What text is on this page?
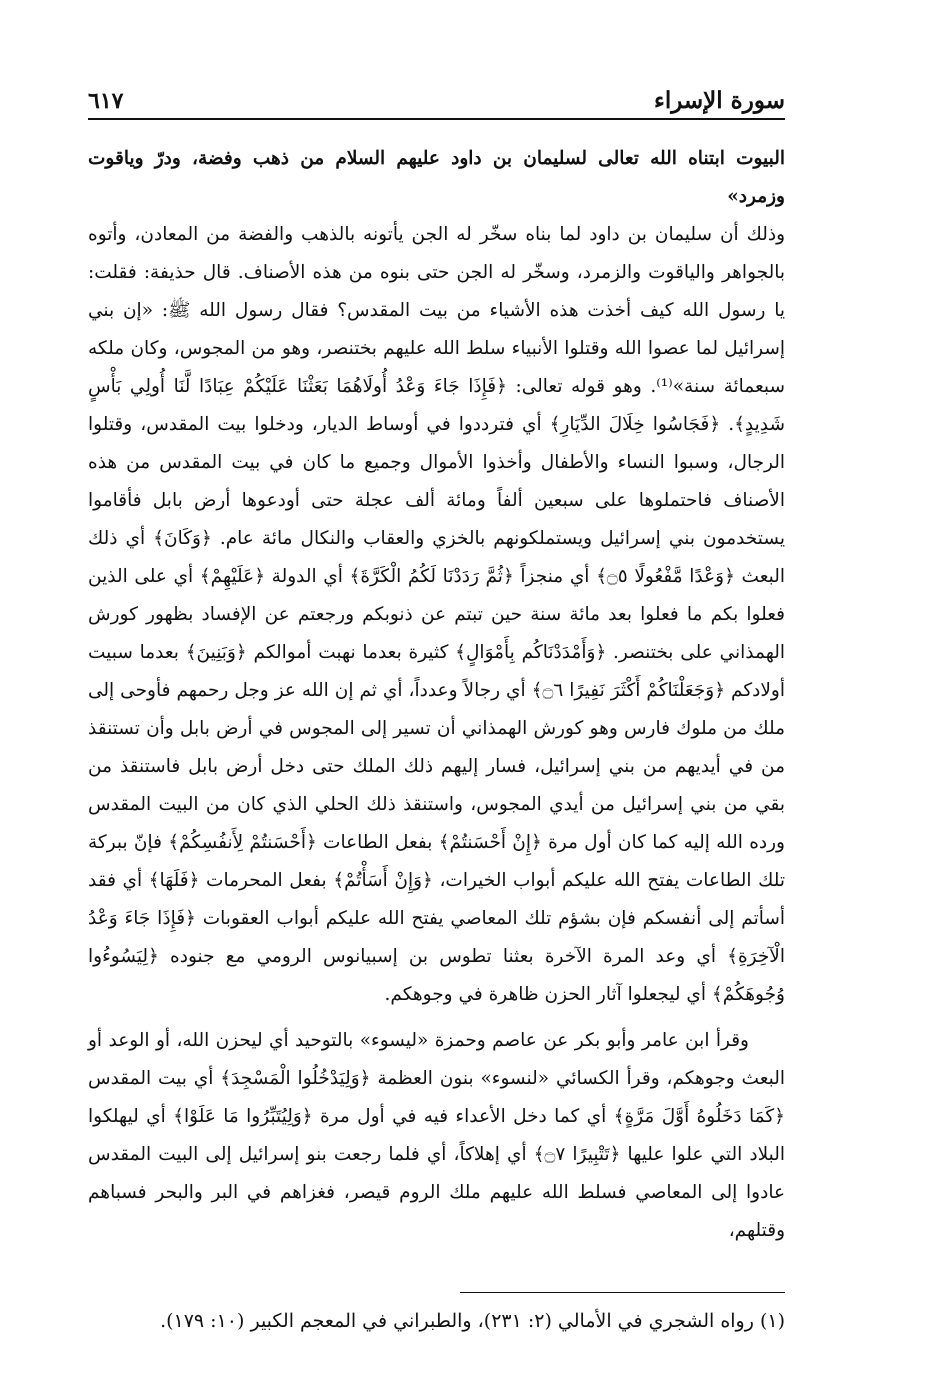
سورة الإسراء
٦١٧

البيوت ابتناه الله تعالى لسليمان بن داود عليهم السلام من ذهب وفضة، ودرّ وياقوت وزمرد»

وذلك أن سليمان بن داود لما بناه سخّر له الجن يأتونه بالذهب والفضة من المعادن، وأتوه بالجواهر والياقوت والزمرد، وسخّر له الجن حتى بنوه من هذه الأصناف. قال حذيفة: فقلت: يا رسول الله كيف أخذت هذه الأشياء من بيت المقدس؟ فقال رسول الله ﷺ: «إن بني إسرائيل لما عصوا الله وقتلوا الأنبياء سلط الله عليهم بختنصر، وهو من المجوس، وكان ملكه سبعمائة سنة»⁽¹⁾. وهو قوله تعالى: ﴿فَإِذَا جَاءَ وَعْدُ أُولَاهُمَا بَعَثْنَا عَلَيْكُمْ عِبَادًا لَّنَا أُولِي بَأْسٍ شَدِيدٍ﴾. ﴿فَجَاسُوا خِلَالَ الدِّيَارِ﴾ أي فترددوا في أوساط الديار، ودخلوا بيت المقدس، وقتلوا الرجال، وسبوا النساء والأطفال وأخذوا الأموال وجميع ما كان في بيت المقدس من هذه الأصناف فاحتملوها على سبعين ألفاً ومائة ألف عجلة حتى أودعوها أرض بابل فأقاموا يستخدمون بني إسرائيل ويستملكونهم بالخزي والعقاب والنكال مائة عام. ﴿وَكَانَ﴾ أي ذلك البعث ﴿وَعْدًا مَّفْعُولًا ۝٥﴾ أي منجزاً ﴿ثُمَّ رَدَدْنَا لَكُمُ الْكَرَّةَ﴾ أي الدولة ﴿عَلَيْهِمْ﴾ أي على الذين فعلوا بكم ما فعلوا بعد مائة سنة حين تبتم عن ذنوبكم ورجعتم عن الإفساد بظهور كورش الهمذاني على بختنصر. ﴿وَأَمْدَدْنَاكُم بِأَمْوَالٍ﴾ كثيرة بعدما نهبت أموالكم ﴿وَبَنِينَ﴾ بعدما سبيت أولادكم ﴿وَجَعَلْنَاكُمْ أَكْثَرَ نَفِيرًا ۝٦﴾ أي رجالاً وعدداً، أي ثم إن الله عز وجل رحمهم فأوحى إلى ملك من ملوك فارس وهو كورش الهمذاني أن تسير إلى المجوس في أرض بابل وأن تستنقذ من في أيديهم من بني إسرائيل، فسار إليهم ذلك الملك حتى دخل أرض بابل فاستنقذ من بقي من بني إسرائيل من أيدي المجوس، واستنقذ ذلك الحلي الذي كان من البيت المقدس ورده الله إليه كما كان أول مرة ﴿إِنْ أَحْسَنتُمْ﴾ بفعل الطاعات ﴿أَحْسَنتُمْ لِأَنفُسِكُمْ﴾ فإنّ ببركة تلك الطاعات يفتح الله عليكم أبواب الخيرات، ﴿وَإِنْ أَسَأْتُمْ﴾ بفعل المحرمات ﴿فَلَهَا﴾ أي فقد أسأتم إلى أنفسكم فإن بشؤم تلك المعاصي يفتح الله عليكم أبواب العقوبات ﴿فَإِذَا جَاءَ وَعْدُ الْآخِرَةِ﴾ أي وعد المرة الآخرة بعثنا تطوس بن إسبيانوس الرومي مع جنوده ﴿لِيَسُوءُوا وُجُوهَكُمْ﴾ أي ليجعلوا آثار الحزن ظاهرة في وجوهكم.

وقرأ ابن عامر وأبو بكر عن عاصم وحمزة «ليسوء» بالتوحيد أي ليحزن الله، أو الوعد أو البعث وجوهكم، وقرأ الكسائي «لنسوء» بنون العظمة ﴿وَلِيَدْخُلُوا الْمَسْجِدَ﴾ أي بيت المقدس ﴿كَمَا دَخَلُوهُ أَوَّلَ مَرَّةٍ﴾ أي كما دخل الأعداء فيه في أول مرة ﴿وَلِيُتَبِّرُوا مَا عَلَوْا﴾ أي ليهلكوا البلاد التي علوا عليها ﴿تَتْبِيرًا ۝٧﴾ أي إهلاكاً، أي فلما رجعت بنو إسرائيل إلى البيت المقدس عادوا إلى المعاصي فسلط الله عليهم ملك الروم قيصر، فغزاهم في البر والبحر فسباهم وقتلهم،

(١) رواه الشجري في الأمالي (٢: ٢٣١)، والطبراني في المعجم الكبير (١٠: ١٧٩).
